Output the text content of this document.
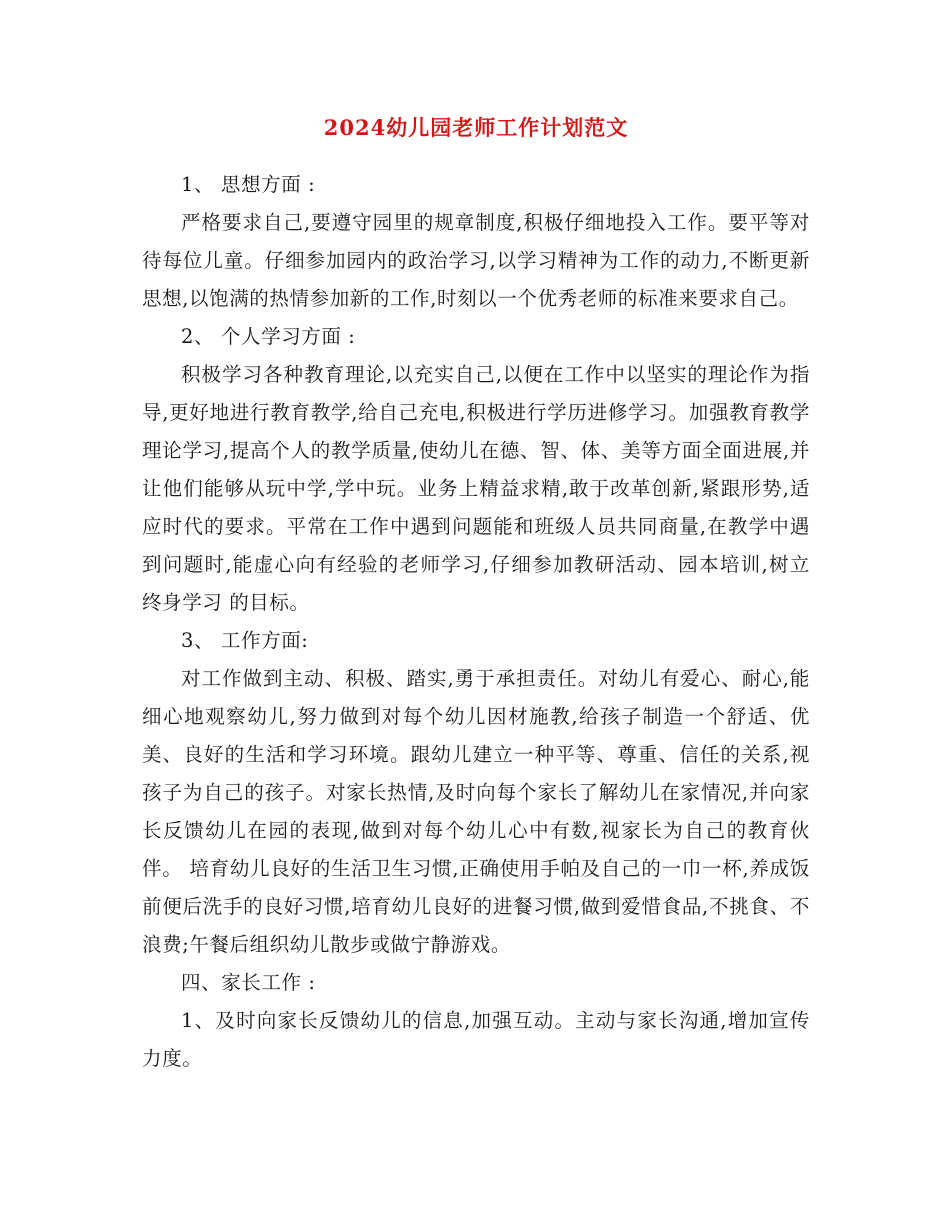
2024幼儿园老师工作计划范文

1、 思想方面 :

严格要求自己,要遵守园里的规章制度,积极仔细地投入工作。要平等对待每位儿童。仔细参加园内的政治学习,以学习精神为工作的动力,不断更新思想,以饱满的热情参加新的工作,时刻以一个优秀老师的标准来要求自己。

2、 个人学习方面 :

积极学习各种教育理论,以充实自己,以便在工作中以坚实的理论作为指导,更好地进行教育教学,给自己充电,积极进行学历进修学习。加强教育教学理论学习,提高个人的教学质量,使幼儿在德、智、体、美等方面全面进展,并让他们能够从玩中学,学中玩。业务上精益求精,敢于改革创新,紧跟形势,适应时代的要求。平常在工作中遇到问题能和班级人员共同商量,在教学中遇到问题时,能虚心向有经验的老师学习,仔细参加教研活动、园本培训,树立 终身学习 的目标。

3、 工作方面:

对工作做到主动、积极、踏实,勇于承担责任。对幼儿有爱心、耐心,能细心地观察幼儿,努力做到对每个幼儿因材施教,给孩子制造一个舒适、优美、良好的生活和学习环境。跟幼儿建立一种平等、尊重、信任的关系,视孩子为自己的孩子。对家长热情,及时向每个家长了解幼儿在家情况,并向家长反馈幼儿在园的表现,做到对每个幼儿心中有数,视家长为自己的教育伙伴。 培育幼儿良好的生活卫生习惯,正确使用手帕及自己的一巾一杯,养成饭前便后洗手的良好习惯,培育幼儿良好的进餐习惯,做到爱惜食品,不挑食、不浪费;午餐后组织幼儿散步或做宁静游戏。

四、家长工作 :

1、及时向家长反馈幼儿的信息,加强互动。主动与家长沟通,增加宣传力度。
